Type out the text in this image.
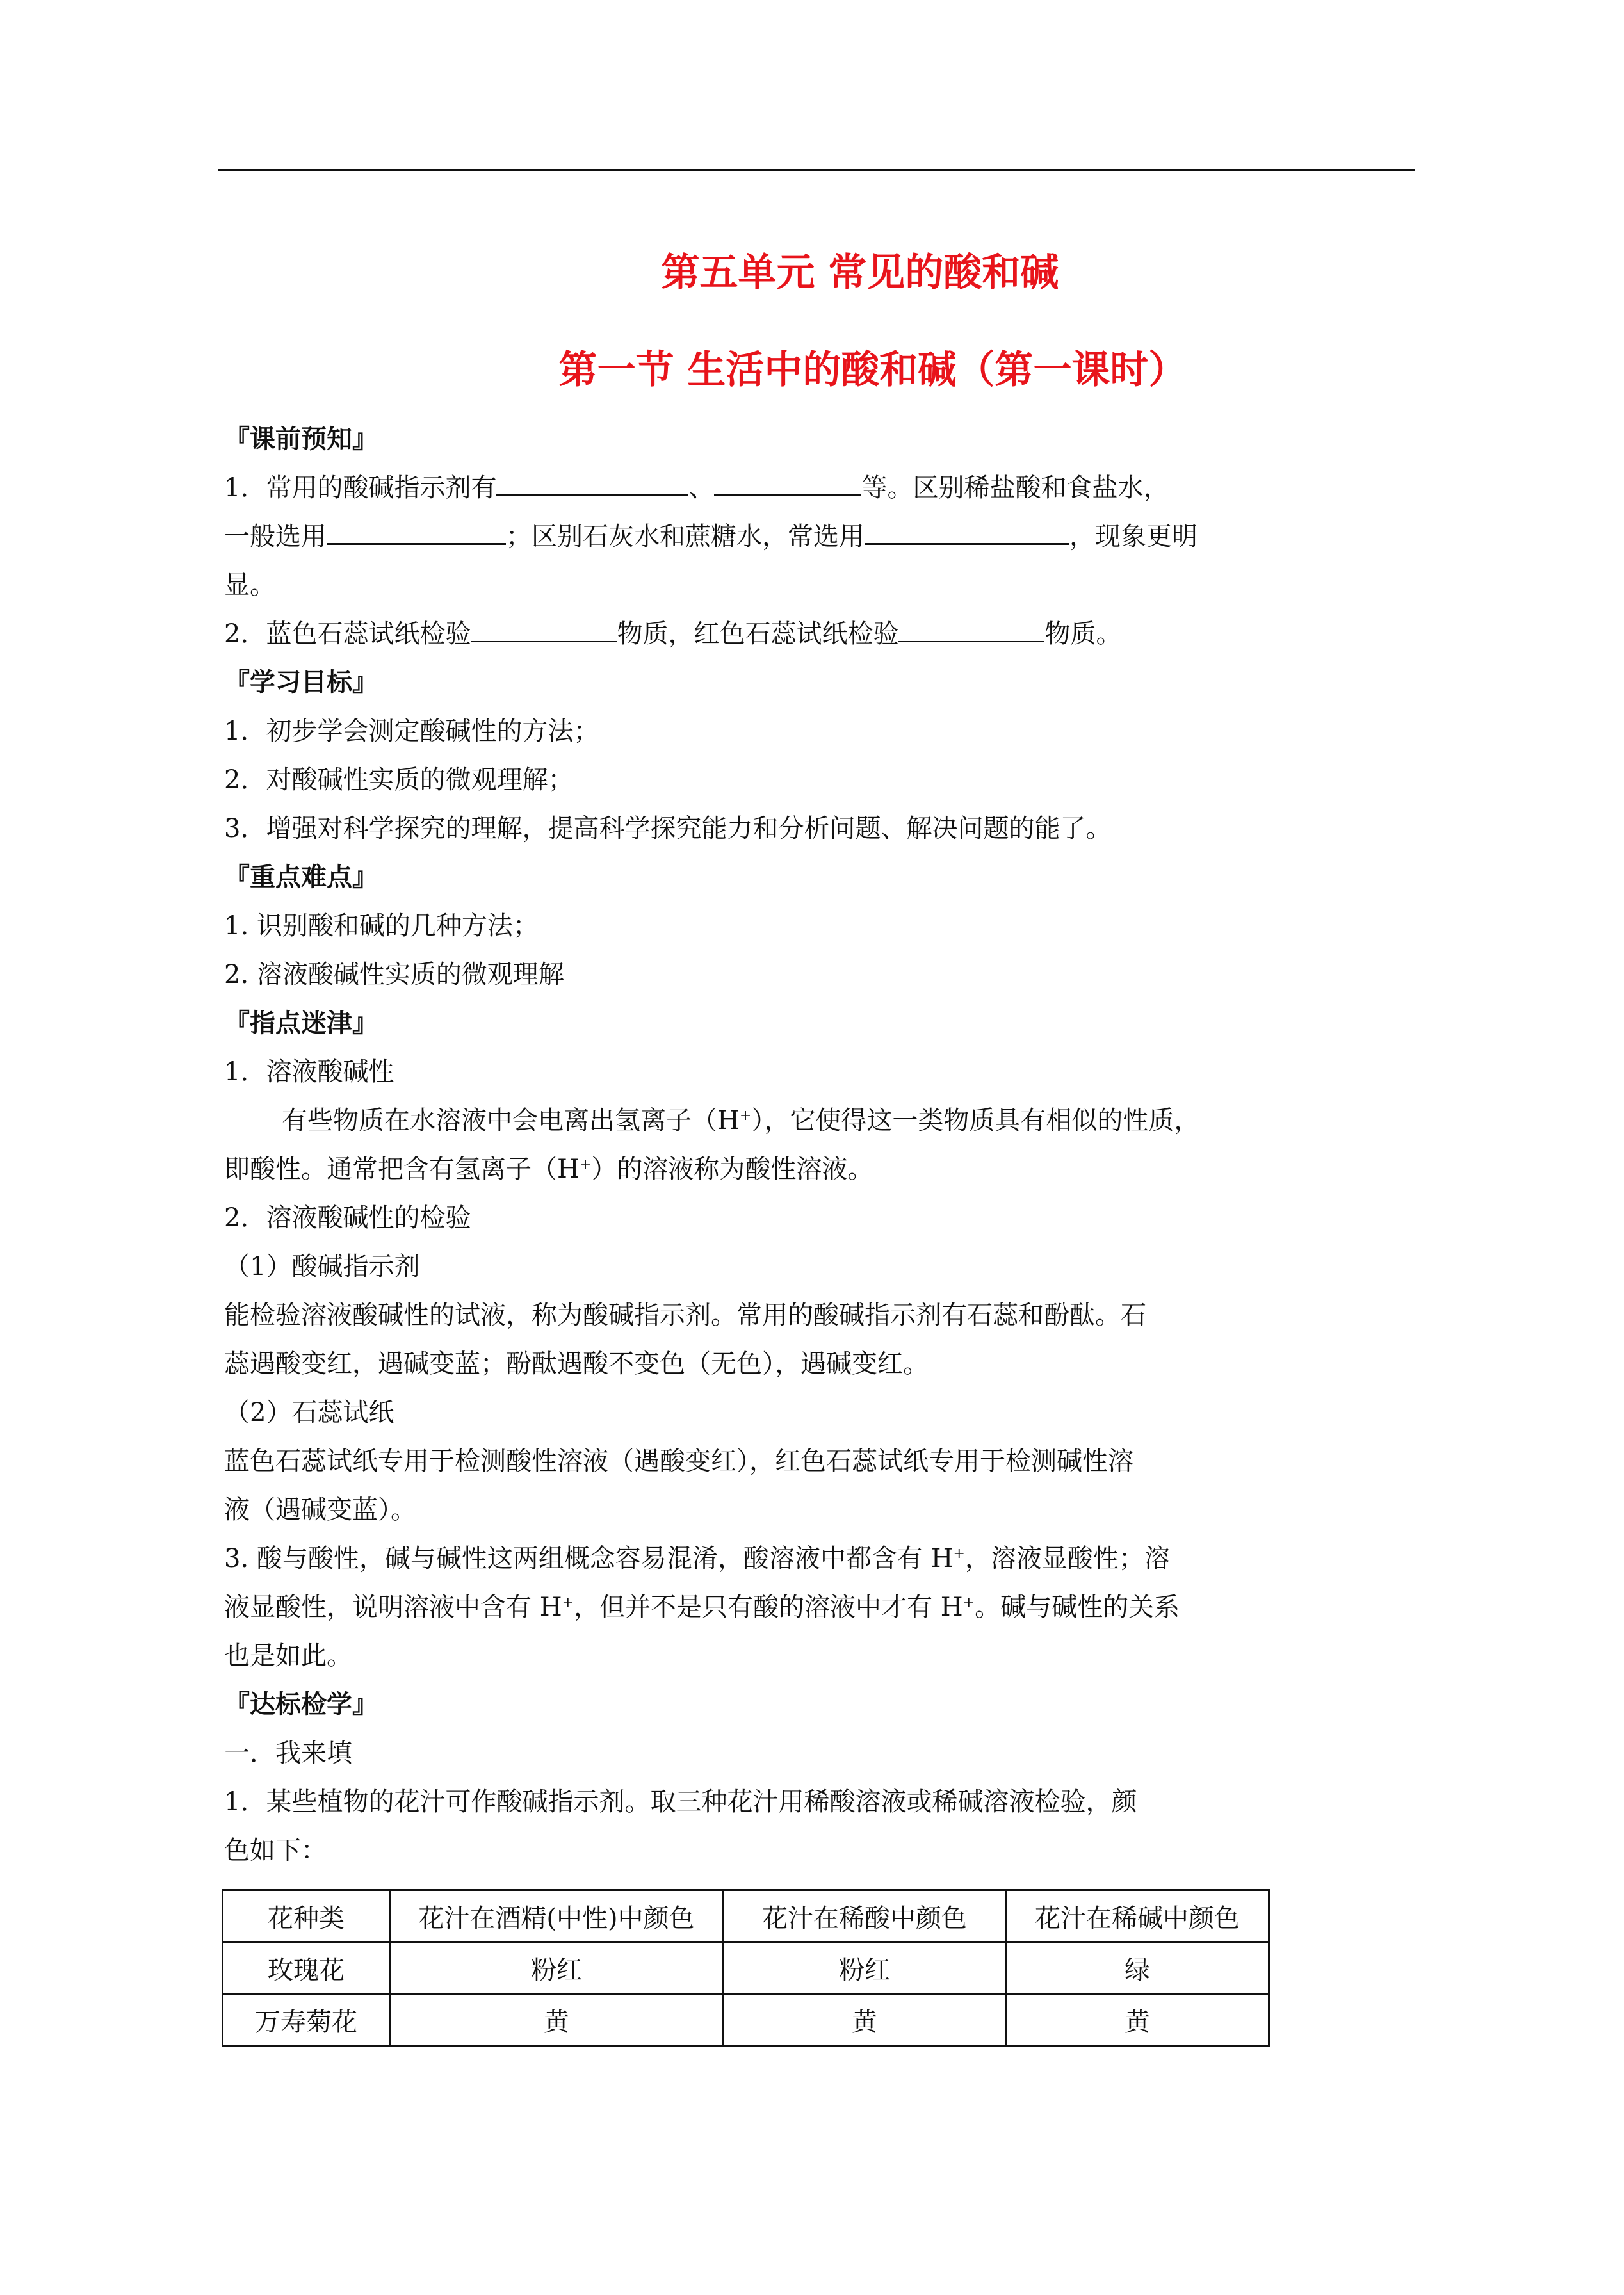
第五单元 常见的酸和碱
第一节 生活中的酸和碱（第一课时）
『课前预知』
1．常用的酸碱指示剂有	、	等。区别稀盐酸和食盐水，
一般选用	；区别石灰水和蔗糖水，常选用	，现象更明
显。
2．蓝色石蕊试纸检验	物质，红色石蕊试纸检验	物质。
『学习目标』
1．初步学会测定酸碱性的方法；
2．对酸碱性实质的微观理解；
3．增强对科学探究的理解，提高科学探究能力和分析问题、解决问题的能了。
『重点难点』
1. 识别酸和碱的几种方法；
2. 溶液酸碱性实质的微观理解
『指点迷津』
1．溶液酸碱性
有些物质在水溶液中会电离出氢离子（H+），它使得这一类物质具有相似的性质，
即酸性。通常把含有氢离子（H+）的溶液称为酸性溶液。
2．溶液酸碱性的检验
（1）酸碱指示剂
能检验溶液酸碱性的试液，称为酸碱指示剂。常用的酸碱指示剂有石蕊和酚酞。石
蕊遇酸变红，遇碱变蓝；酚酞遇酸不变色（无色），遇碱变红。
（2）石蕊试纸
蓝色石蕊试纸专用于检测酸性溶液（遇酸变红），红色石蕊试纸专用于检测碱性溶
液（遇碱变蓝）。
3. 酸与酸性，碱与碱性这两组概念容易混淆，酸溶液中都含有 H+，溶液显酸性；溶
液显酸性，说明溶液中含有 H+，但并不是只有酸的溶液中才有 H+。碱与碱性的关系
也是如此。
『达标检学』
一．我来填
1．某些植物的花汁可作酸碱指示剂。取三种花汁用稀酸溶液或稀碱溶液检验，颜
色如下：
花种类	花汁在酒精(中性)中颜色	花汁在稀酸中颜色	花汁在稀碱中颜色
玫瑰花	粉红	粉红	绿
万寿菊花	黄	黄	黄
